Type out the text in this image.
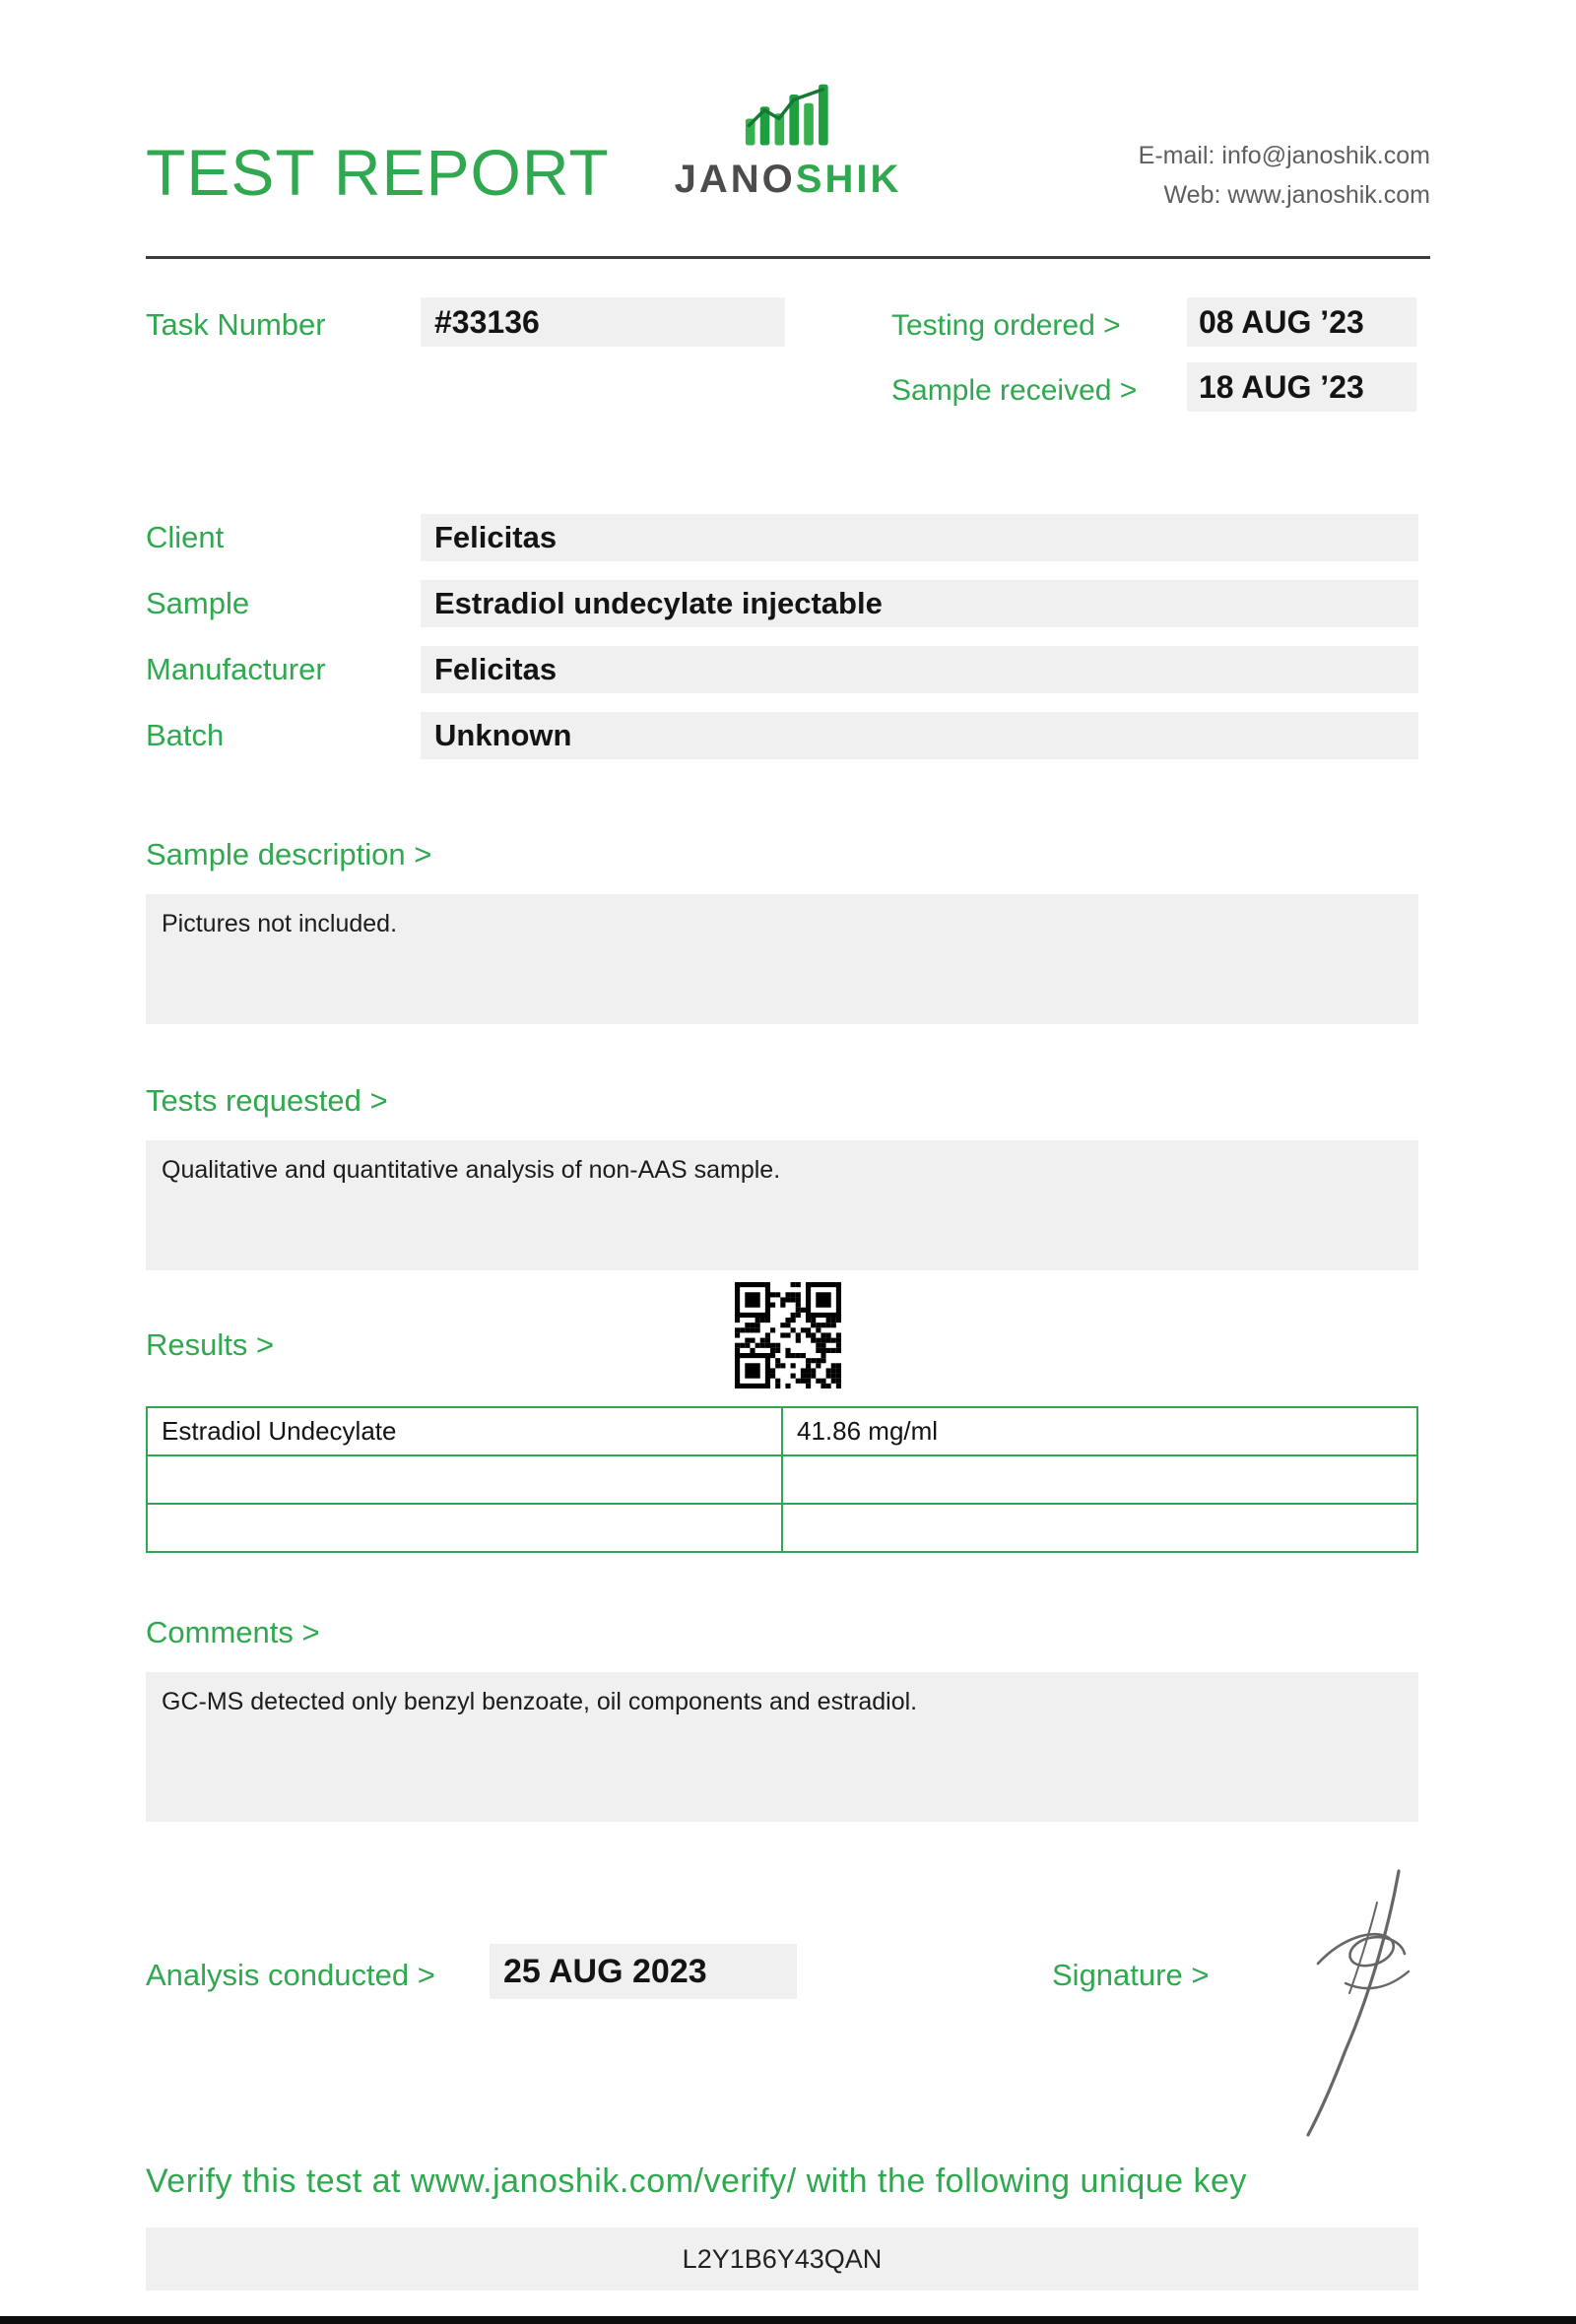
TEST REPORT JANOSHIK
E-mail: info@janoshik.com
Web: www.janoshik.com
Task Number	#33136	Testing ordered >	08 AUG ’23
Sample received >	18 AUG ’23
Client	Felicitas
Sample	Estradiol undecylate injectable
Manufacturer	Felicitas
Batch	Unknown
Sample description >
Pictures not included.
Tests requested >
Qualitative and quantitative analysis of non-AAS sample.
Results >
Estradiol Undecylate	41.86 mg/ml

Comments >
GC-MS detected only benzyl benzoate, oil components and estradiol.
Analysis conducted >	25 AUG 2023	Signature >
Verify this test at www.janoshik.com/verify/ with the following unique key
L2Y1B6Y43QAN
